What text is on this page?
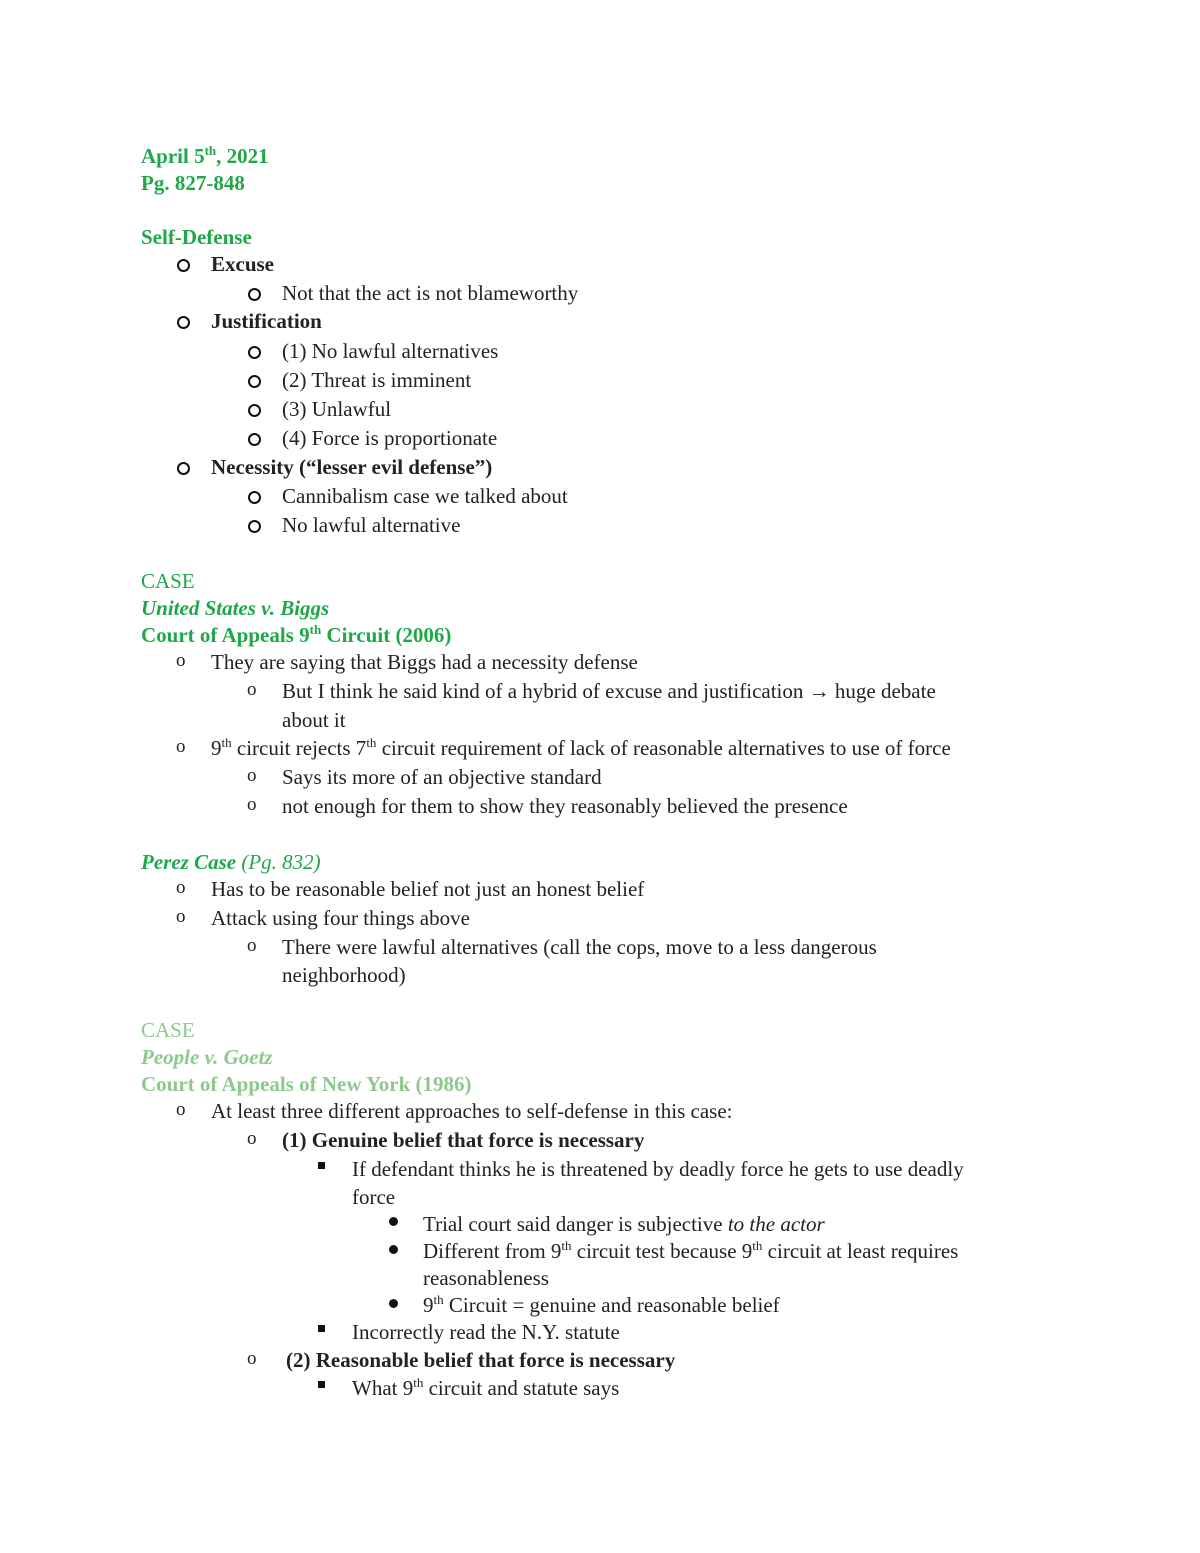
April 5th, 2021
Pg. 827-848
Self-Defense
Excuse
Not that the act is not blameworthy
Justification
(1) No lawful alternatives
(2) Threat is imminent
(3) Unlawful
(4) Force is proportionate
Necessity (“lesser evil defense”)
Cannibalism case we talked about
No lawful alternative
CASE
United States v. Biggs
Court of Appeals 9th Circuit (2006)
o They are saying that Biggs had a necessity defense
o But I think he said kind of a hybrid of excuse and justification → huge debate
about it
o 9th circuit rejects 7th circuit requirement of lack of reasonable alternatives to use of force
o Says its more of an objective standard
o not enough for them to show they reasonably believed the presence
Perez Case (Pg. 832)
o Has to be reasonable belief not just an honest belief
o Attack using four things above
o There were lawful alternatives (call the cops, move to a less dangerous
neighborhood)
CASE
People v. Goetz
Court of Appeals of New York (1986)
o At least three different approaches to self-defense in this case:
o (1) Genuine belief that force is necessary
If defendant thinks he is threatened by deadly force he gets to use deadly
force
Trial court said danger is subjective to the actor
Different from 9th circuit test because 9th circuit at least requires
reasonableness
9th Circuit = genuine and reasonable belief
Incorrectly read the N.Y. statute
o (2) Reasonable belief that force is necessary
What 9th circuit and statute says
